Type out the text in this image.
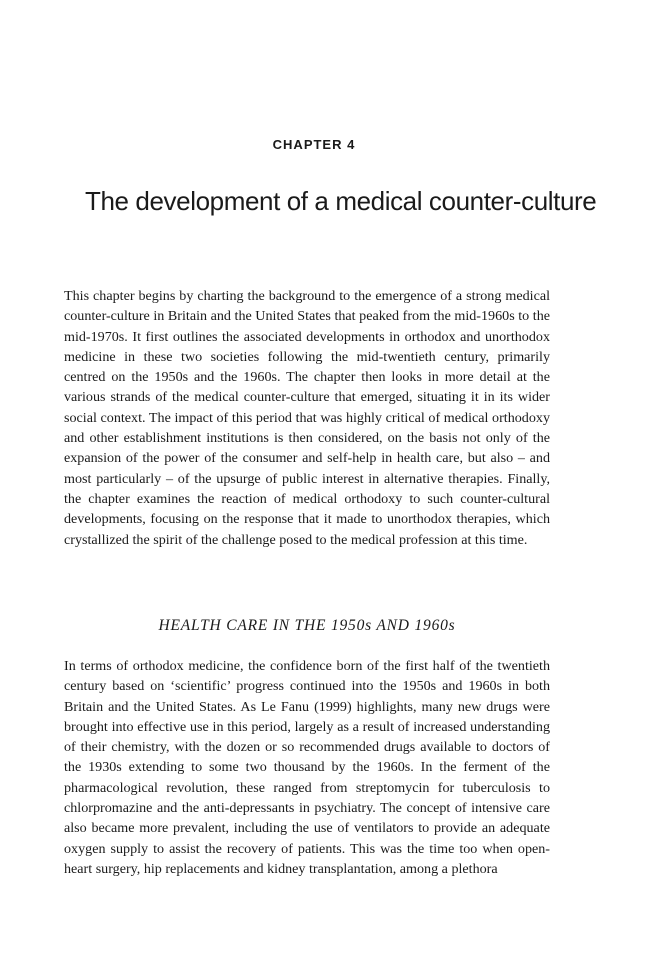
CHAPTER 4
The development of a medical counter-culture

This chapter begins by charting the background to the emergence of a strong medical counter-culture in Britain and the United States that peaked from the mid-1960s to the mid-1970s. It first outlines the associated developments in orthodox and unorthodox medicine in these two societies following the mid-twentieth century, primarily centred on the 1950s and the 1960s. The chapter then looks in more detail at the various strands of the medical counter-culture that emerged, situating it in its wider social context. The impact of this period that was highly critical of medical orthodoxy and other establishment institutions is then considered, on the basis not only of the expansion of the power of the consumer and self-help in health care, but also – and most particularly – of the upsurge of public interest in alternative therapies. Finally, the chapter examines the reaction of medical orthodoxy to such counter-cultural developments, focusing on the response that it made to unorthodox therapies, which crystallized the spirit of the challenge posed to the medical profession at this time.

HEALTH CARE IN THE 1950s AND 1960s

In terms of orthodox medicine, the confidence born of the first half of the twentieth century based on ‘scientific’ progress continued into the 1950s and 1960s in both Britain and the United States. As Le Fanu (1999) highlights, many new drugs were brought into effective use in this period, largely as a result of increased understanding of their chemistry, with the dozen or so recommended drugs available to doctors of the 1930s extending to some two thousand by the 1960s. In the ferment of the pharmacological revolution, these ranged from streptomycin for tuberculosis to chlorpromazine and the anti-depressants in psychiatry. The concept of intensive care also became more prevalent, including the use of ventilators to provide an adequate oxygen supply to assist the recovery of patients. This was the time too when open-heart surgery, hip replacements and kidney transplantation, among a plethora
